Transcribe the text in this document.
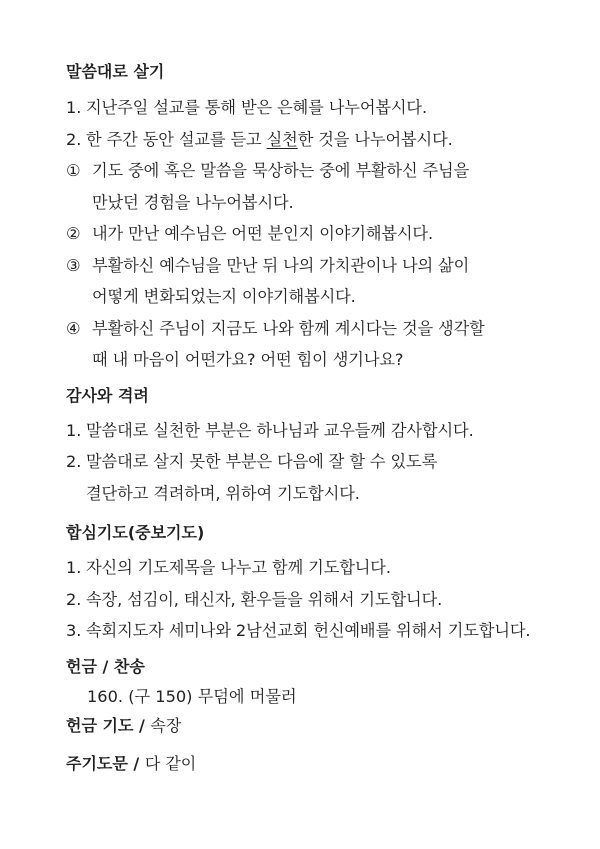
말씀대로 살기
1. 지난주일 설교를 통해 받은 은혜를 나누어봅시다.
2. 한 주간 동안 설교를 듣고 실천한 것을 나누어봅시다.
① 기도 중에 혹은 말씀을 묵상하는 중에 부활하신 주님을
만났던 경험을 나누어봅시다.
② 내가 만난 예수님은 어떤 분인지 이야기해봅시다.
③ 부활하신 예수님을 만난 뒤 나의 가치관이나 나의 삶이
어떻게 변화되었는지 이야기해봅시다.
④ 부활하신 주님이 지금도 나와 함께 계시다는 것을 생각할
때 내 마음이 어떤가요? 어떤 힘이 생기나요?
감사와 격려
1. 말씀대로 실천한 부분은 하나님과 교우들께 감사합시다.
2. 말씀대로 살지 못한 부분은 다음에 잘 할 수 있도록
결단하고 격려하며, 위하여 기도합시다.
합심기도(중보기도)
1. 자신의 기도제목을 나누고 함께 기도합니다.
2. 속장, 섬김이, 태신자, 환우들을 위해서 기도합니다.
3. 속회지도자 세미나와 2남선교회 헌신예배를 위해서 기도합니다.
헌금 / 찬송
160. (구 150) 무덤에 머물러
헌금 기도 / 속장
주기도문 / 다 같이
